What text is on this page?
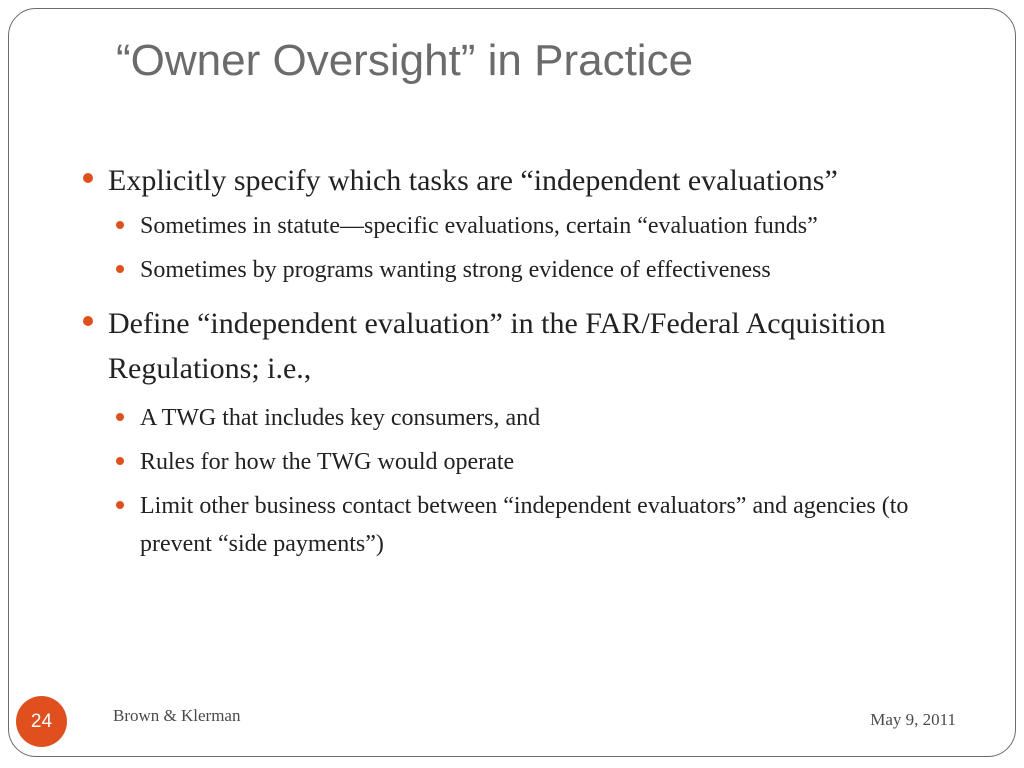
“Owner Oversight” in Practice
Explicitly specify which tasks are “independent evaluations”
Sometimes in statute—specific evaluations, certain “evaluation funds”
Sometimes by programs wanting strong evidence of effectiveness
Define “independent evaluation” in the FAR/Federal Acquisition Regulations; i.e.,
A TWG that includes key consumers, and
Rules for how the TWG would operate
Limit other business contact between “independent evaluators” and agencies (to prevent “side payments”)
24	Brown & Klerman	May 9, 2011
